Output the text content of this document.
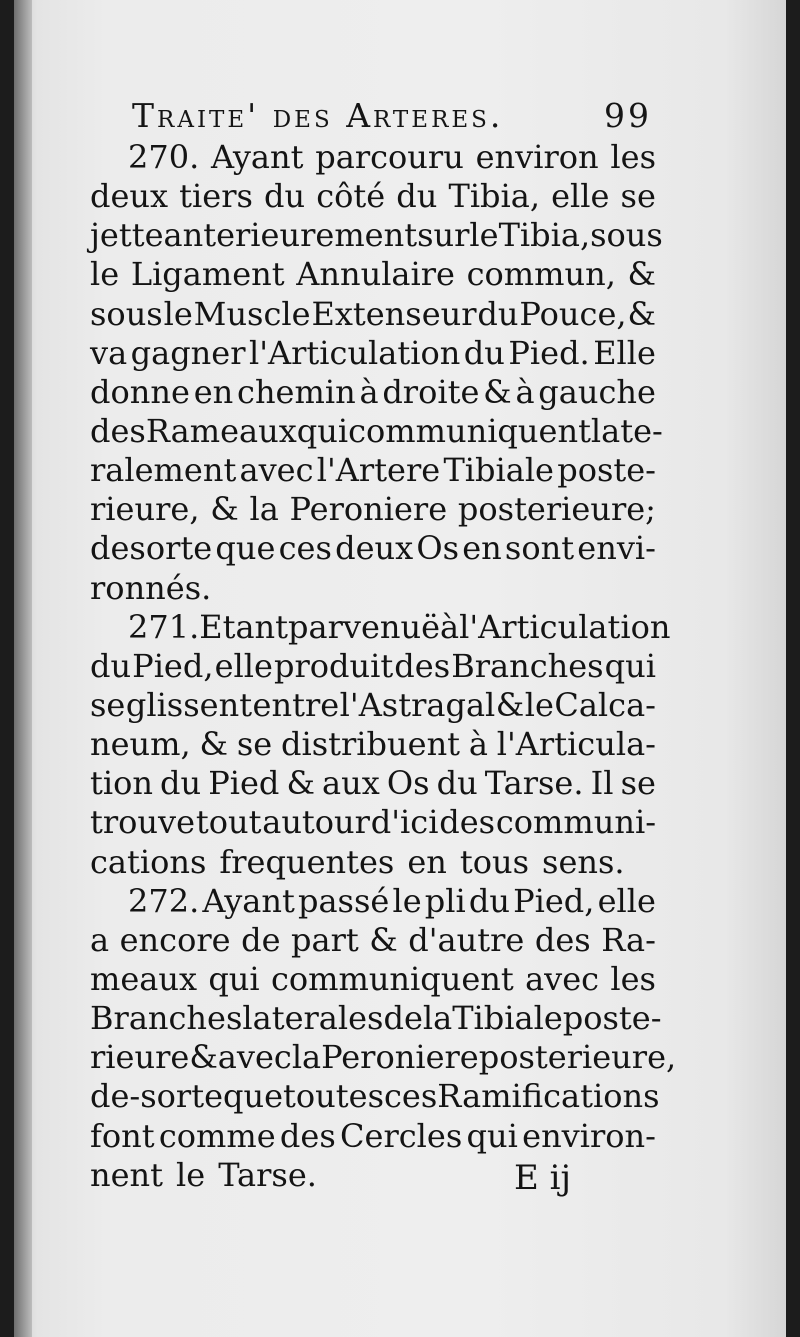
Traite' des Arteres.	99
270. Ayant parcouru environ les
deux tiers du côté du Tibia, elle se
jette anterieurement sur le Tibia, sous
le Ligament Annulaire commun, &
sous le Muscle Extenseur du Pouce, &
va gagner l'Articulation du Pied. Elle
donne en chemin à droite & à gauche
des Rameaux qui communiquent late-
ralement avec l'Artere Tibiale poste-
rieure, & la Peroniere posterieure;
desorte que ces deux Os en sont envi-
ronnés.
271. Etant parvenuë à l'Articulation
du Pied, elle produit des Branches qui
se glissent entre l'Astragal & le Calca-
neum, & se distribuent à l'Articula-
tion du Pied & aux Os du Tarse. Il se
trouve tout autour d'ici des communi-
cations frequentes en tous sens.
272. Ayant passé le pli du Pied, elle
a encore de part & d'autre des Ra-
meaux qui communiquent avec les
Branches laterales de la Tibiale poste-
rieure & avec la Peroniere posterieure,
de-sorte que toutes ces Ramifications
font comme des Cercles qui environ-
nent le Tarse.	E ij
